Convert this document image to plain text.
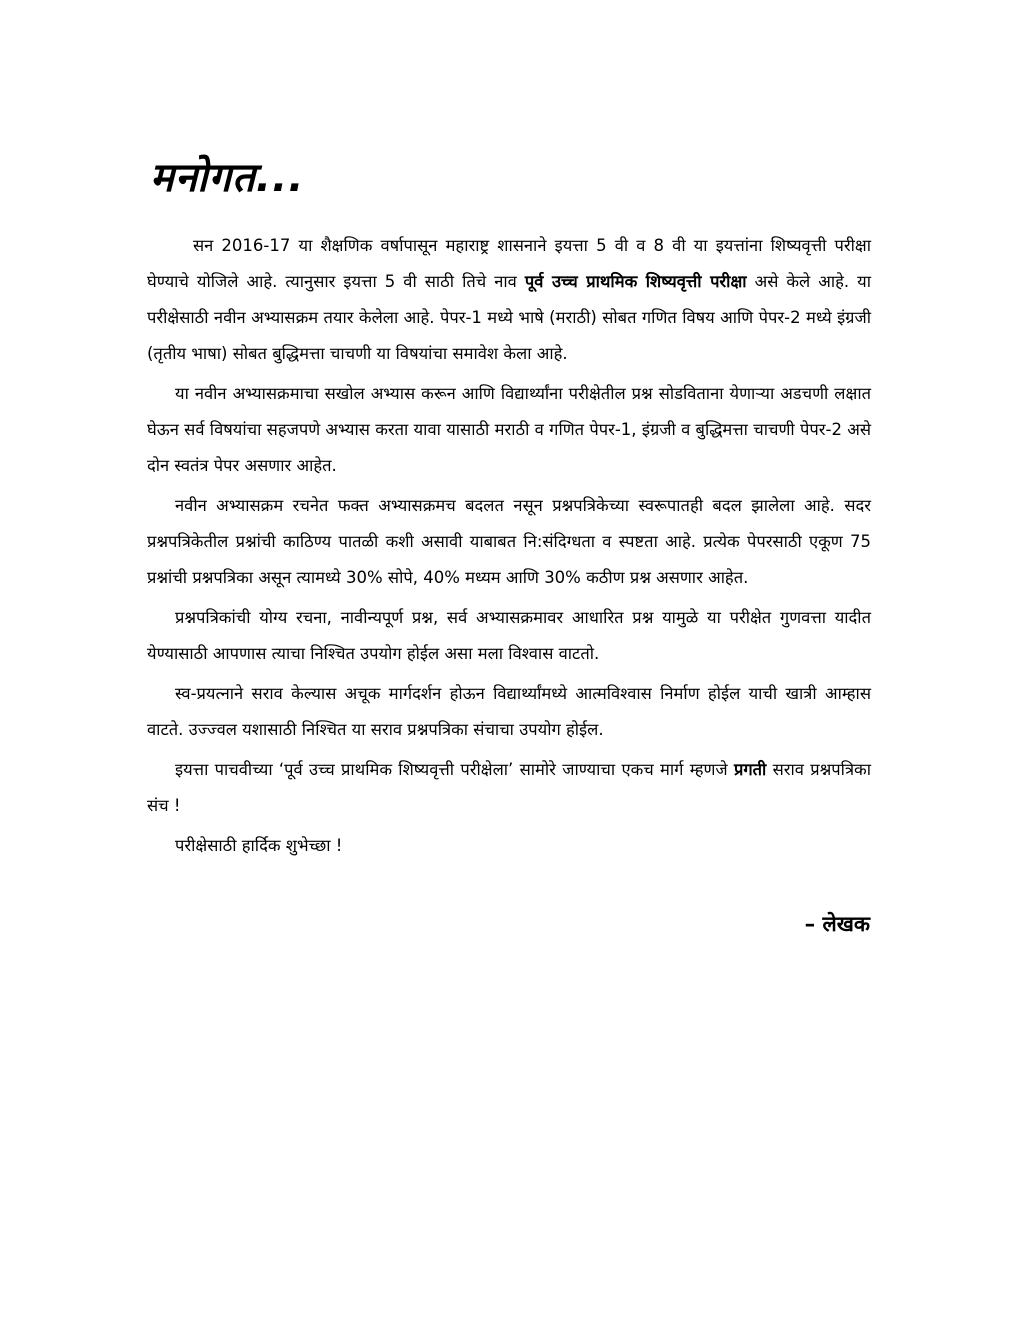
मनोगत...

सन 2016-17 या शैक्षणिक वर्षापासून महाराष्ट्र शासनाने इयत्ता 5 वी व 8 वी या इयत्तांना शिष्यवृत्ती परीक्षा घेण्याचे योजिले आहे. त्यानुसार इयत्ता 5 वी साठी तिचे नाव पूर्व उच्च प्राथमिक शिष्यवृत्ती परीक्षा असे केले आहे. या परीक्षेसाठी नवीन अभ्यासक्रम तयार केलेला आहे. पेपर-1 मध्ये भाषे (मराठी) सोबत गणित विषय आणि पेपर-2 मध्ये इंग्रजी (तृतीय भाषा) सोबत बुद्धिमत्ता चाचणी या विषयांचा समावेश केला आहे.

या नवीन अभ्यासक्रमाचा सखोल अभ्यास करून आणि विद्यार्थ्यांना परीक्षेतील प्रश्न सोडविताना येणाऱ्या अडचणी लक्षात घेऊन सर्व विषयांचा सहजपणे अभ्यास करता यावा यासाठी मराठी व गणित पेपर-1, इंग्रजी व बुद्धिमत्ता चाचणी पेपर-2 असे दोन स्वतंत्र पेपर असणार आहेत.

नवीन अभ्यासक्रम रचनेत फक्त अभ्यासक्रमच बदलत नसून प्रश्नपत्रिकेच्या स्वरूपातही बदल झालेला आहे. सदर प्रश्नपत्रिकेतील प्रश्नांची काठिण्य पातळी कशी असावी याबाबत नि:संदिग्धता व स्पष्टता आहे. प्रत्येक पेपरसाठी एकूण 75 प्रश्नांची प्रश्नपत्रिका असून त्यामध्ये 30% सोपे, 40% मध्यम आणि 30% कठीण प्रश्न असणार आहेत.

प्रश्नपत्रिकांची योग्य रचना, नावीन्यपूर्ण प्रश्न, सर्व अभ्यासक्रमावर आधारित प्रश्न यामुळे या परीक्षेत गुणवत्ता यादीत येण्यासाठी आपणास त्याचा निश्चित उपयोग होईल असा मला विश्वास वाटतो.

स्व-प्रयत्नाने सराव केल्यास अचूक मार्गदर्शन होऊन विद्यार्थ्यांमध्ये आत्मविश्वास निर्माण होईल याची खात्री आम्हास वाटते. उज्ज्वल यशासाठी निश्चित या सराव प्रश्नपत्रिका संचाचा उपयोग होईल.

इयत्ता पाचवीच्या ‘पूर्व उच्च प्राथमिक शिष्यवृत्ती परीक्षेला’ सामोरे जाण्याचा एकच मार्ग म्हणजे प्रगती सराव प्रश्नपत्रिका संच !

परीक्षेसाठी हार्दिक शुभेच्छा !

– लेखक
